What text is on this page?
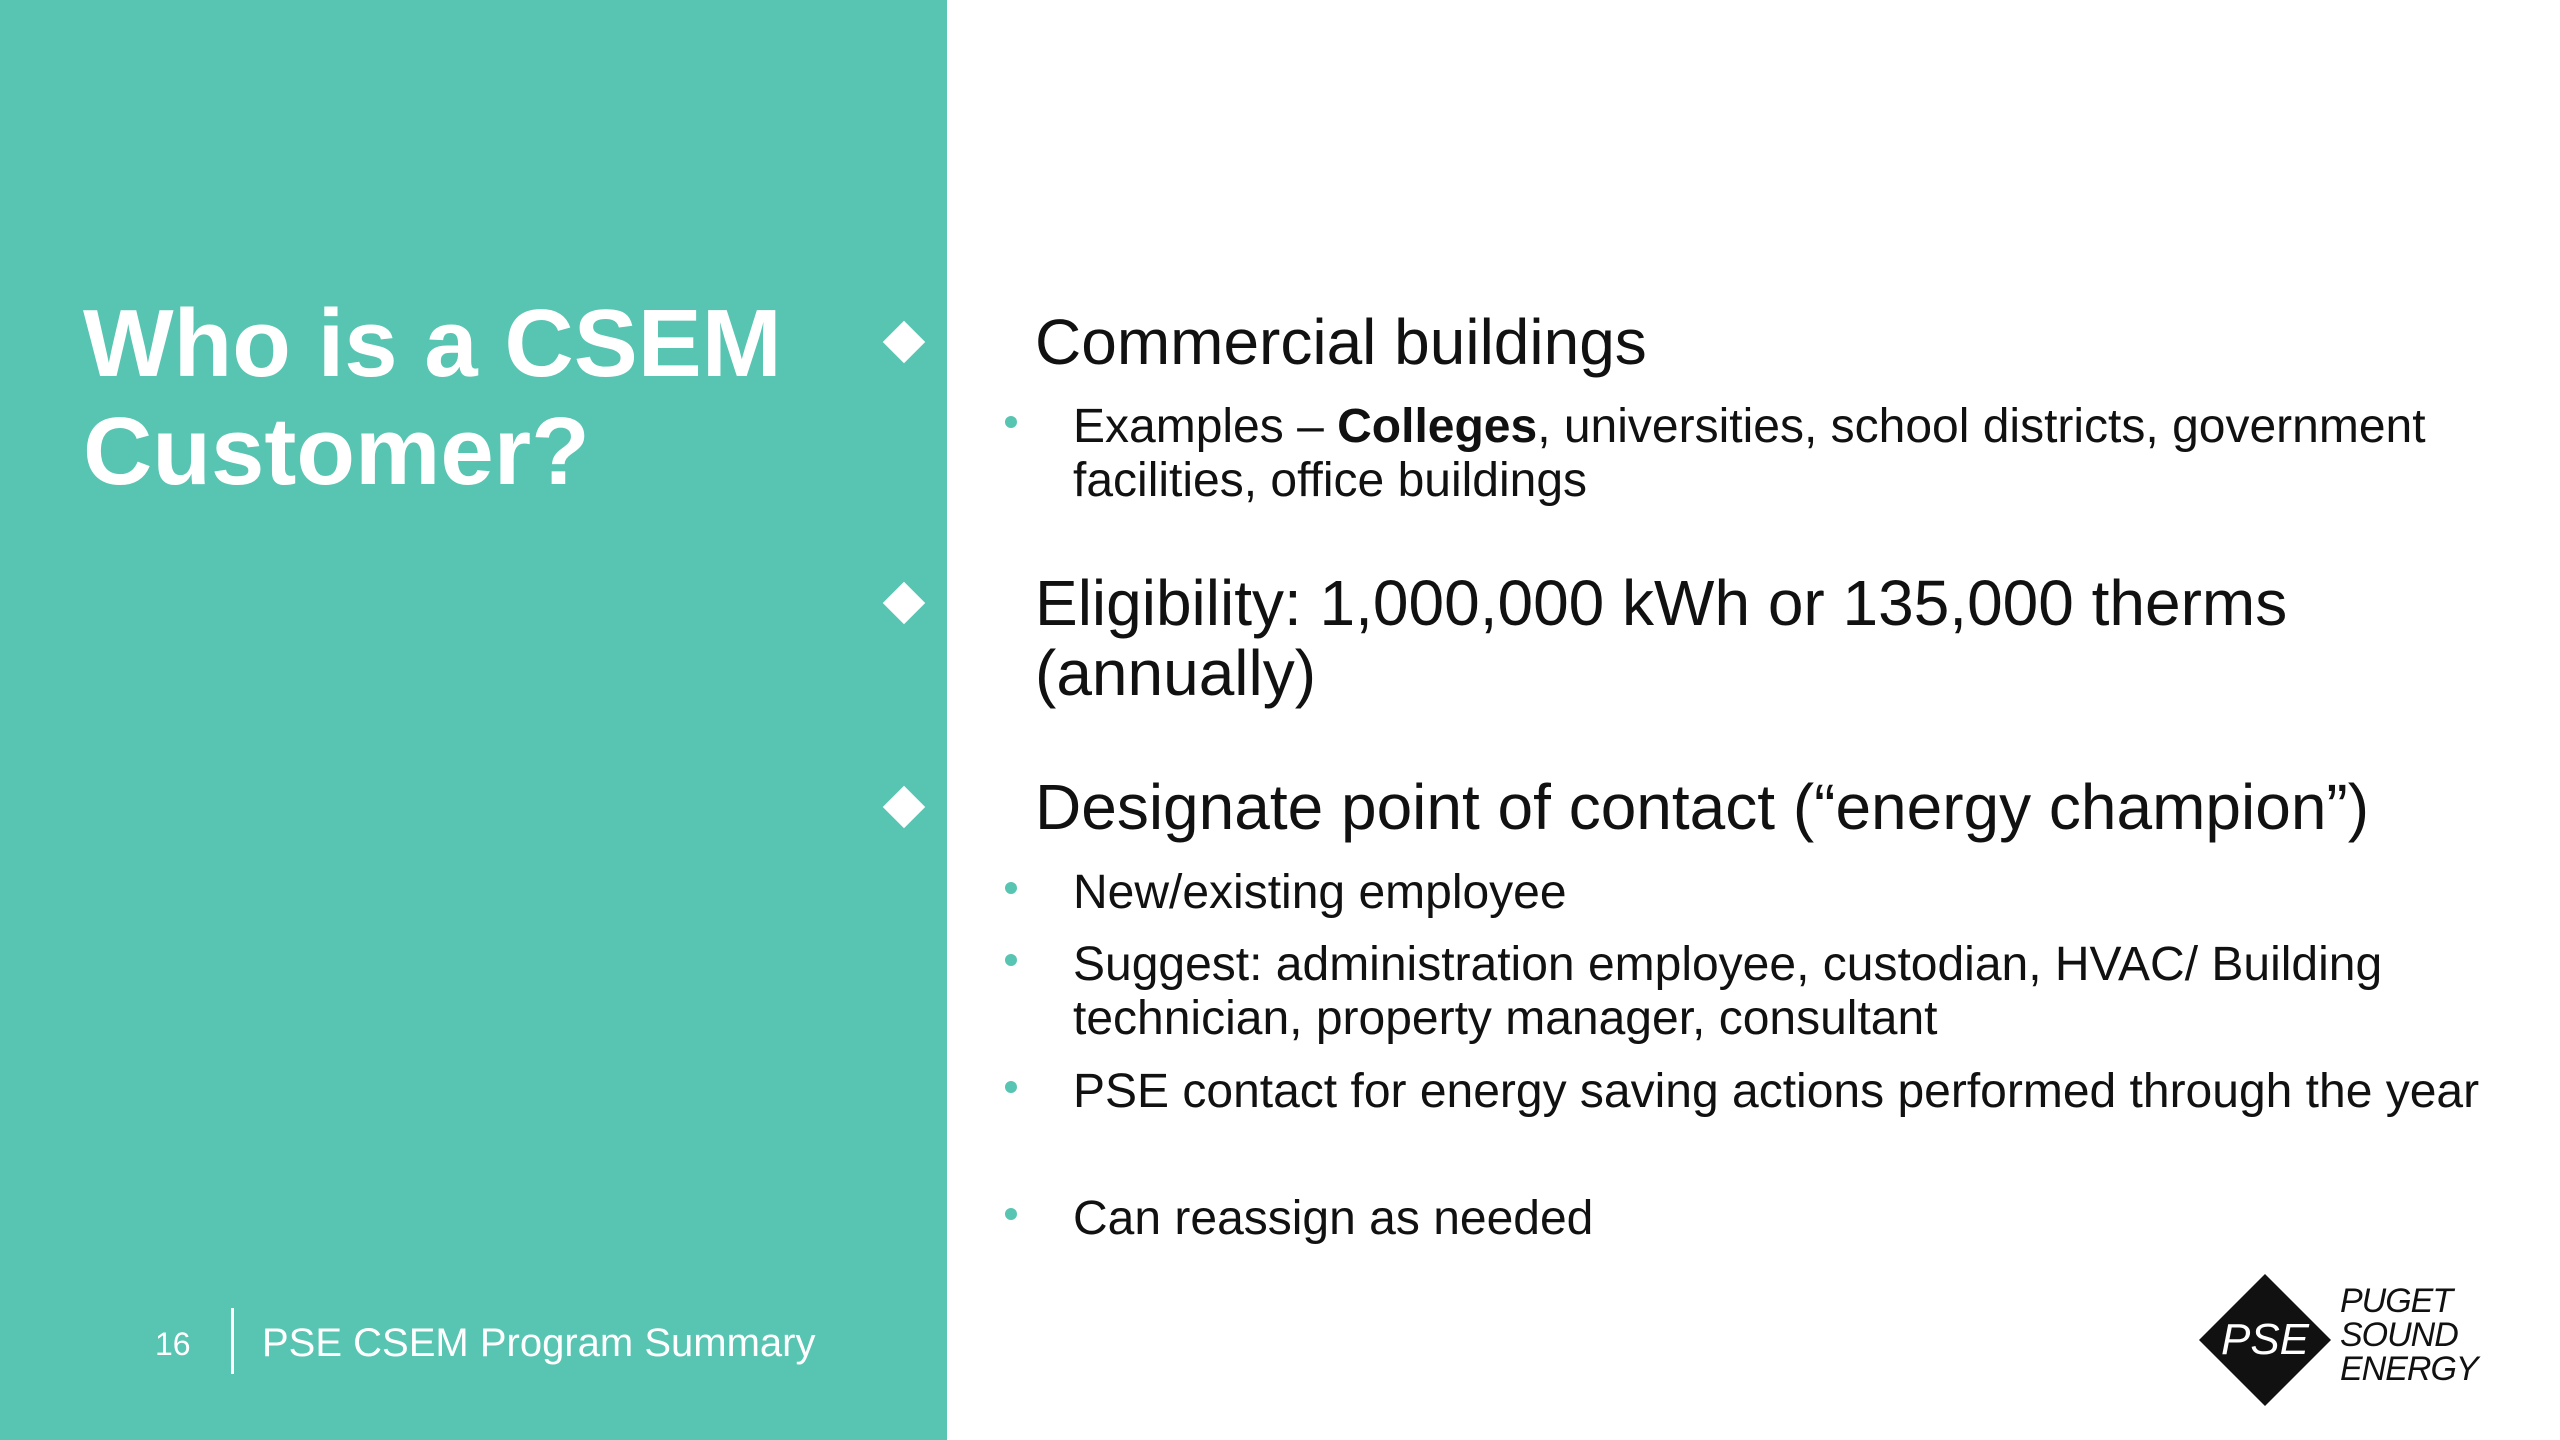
Who is a CSEM Customer?
16 PSE CSEM Program Summary
Commercial buildings
Examples – Colleges, universities, school districts, government facilities, office buildings
Eligibility: 1,000,000 kWh or 135,000 therms (annually)
Designate point of contact (“energy champion”)
New/existing employee
Suggest: administration employee, custodian, HVAC/ Building technician, property manager, consultant
PSE contact for energy saving actions performed through the year
Can reassign as needed
PSE
PUGET
SOUND
ENERGY
